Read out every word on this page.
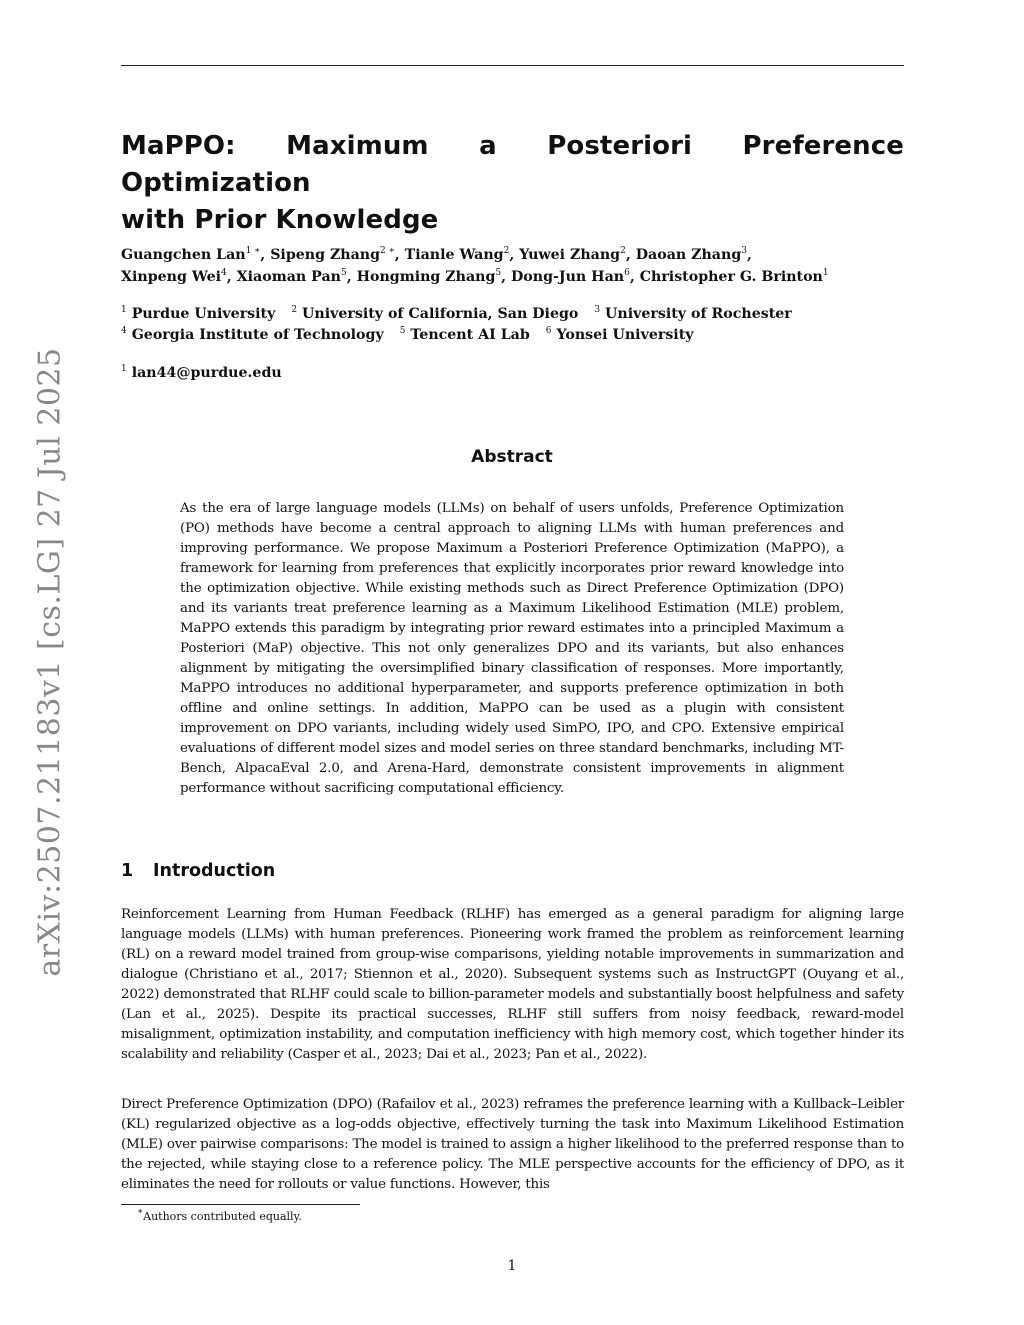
arXiv:2507.21183v1 [cs.LG] 27 Jul 2025
MaPPO: Maximum a Posteriori Preference Optimization
with Prior Knowledge
Guangchen Lan$^{1 ∗}$, Sipeng Zhang$^{2 ∗}$, Tianle Wang$^2$, Yuwei Zhang$^2$, Daoan Zhang$^3$,
Xinpeng Wei$^4$, Xiaoman Pan$^5$, Hongming Zhang$^5$, Dong-Jun Han$^6$, Christopher G. Brinton$^1$
$^1$ Purdue University $^2$ University of California, San Diego $^3$ University of Rochester
$^4$ Georgia Institute of Technology $^5$ Tencent AI Lab $^6$ Yonsei University
$^1$ lan44@purdue.edu
Abstract

As the era of large language models (LLMs) on behalf of users unfolds, Preference Optimization (PO) methods have become a central approach to aligning LLMs with human preferences and improving performance. We propose Maximum a Posteriori Preference Optimization (MaPPO), a framework for learning from preferences that explicitly incorporates prior reward knowledge into the optimization objective. While existing methods such as Direct Preference Optimization (DPO) and its variants treat preference learning as a Maximum Likelihood Estimation (MLE) problem, MaPPO extends this paradigm by integrating prior reward estimates into a principled Maximum a Posteriori (MaP) objective. This not only generalizes DPO and its variants, but also enhances alignment by mitigating the oversimplified binary classification of responses. More importantly, MaPPO introduces no additional hyperparameter, and supports preference optimization in both offline and online settings. In addition, MaPPO can be used as a plugin with consistent improvement on DPO variants, including widely used SimPO, IPO, and CPO. Extensive empirical evaluations of different model sizes and model series on three standard benchmarks, including MT-Bench, AlpacaEval 2.0, and Arena-Hard, demonstrate consistent improvements in alignment performance without sacrificing computational efficiency.

1 Introduction

Reinforcement Learning from Human Feedback (RLHF) has emerged as a general paradigm for aligning large language models (LLMs) with human preferences. Pioneering work framed the problem as reinforcement learning (RL) on a reward model trained from group-wise comparisons, yielding notable improvements in summarization and dialogue (Christiano et al., 2017; Stiennon et al., 2020). Subsequent systems such as InstructGPT (Ouyang et al., 2022) demonstrated that RLHF could scale to billion-parameter models and substantially boost helpfulness and safety (Lan et al., 2025). Despite its practical successes, RLHF still suffers from noisy feedback, reward-model misalignment, optimization instability, and computation inefficiency with high memory cost, which together hinder its scalability and reliability (Casper et al., 2023; Dai et al., 2023; Pan et al., 2022).

Direct Preference Optimization (DPO) (Rafailov et al., 2023) reframes the preference learning with a Kullback–Leibler (KL) regularized objective as a log-odds objective, effectively turning the task into Maximum Likelihood Estimation (MLE) over pairwise comparisons: The model is trained to assign a higher likelihood to the preferred response than to the rejected, while staying close to a reference policy. The MLE perspective accounts for the efficiency of DPO, as it eliminates the need for rollouts or value functions. However, this

∗Authors contributed equally.
1
